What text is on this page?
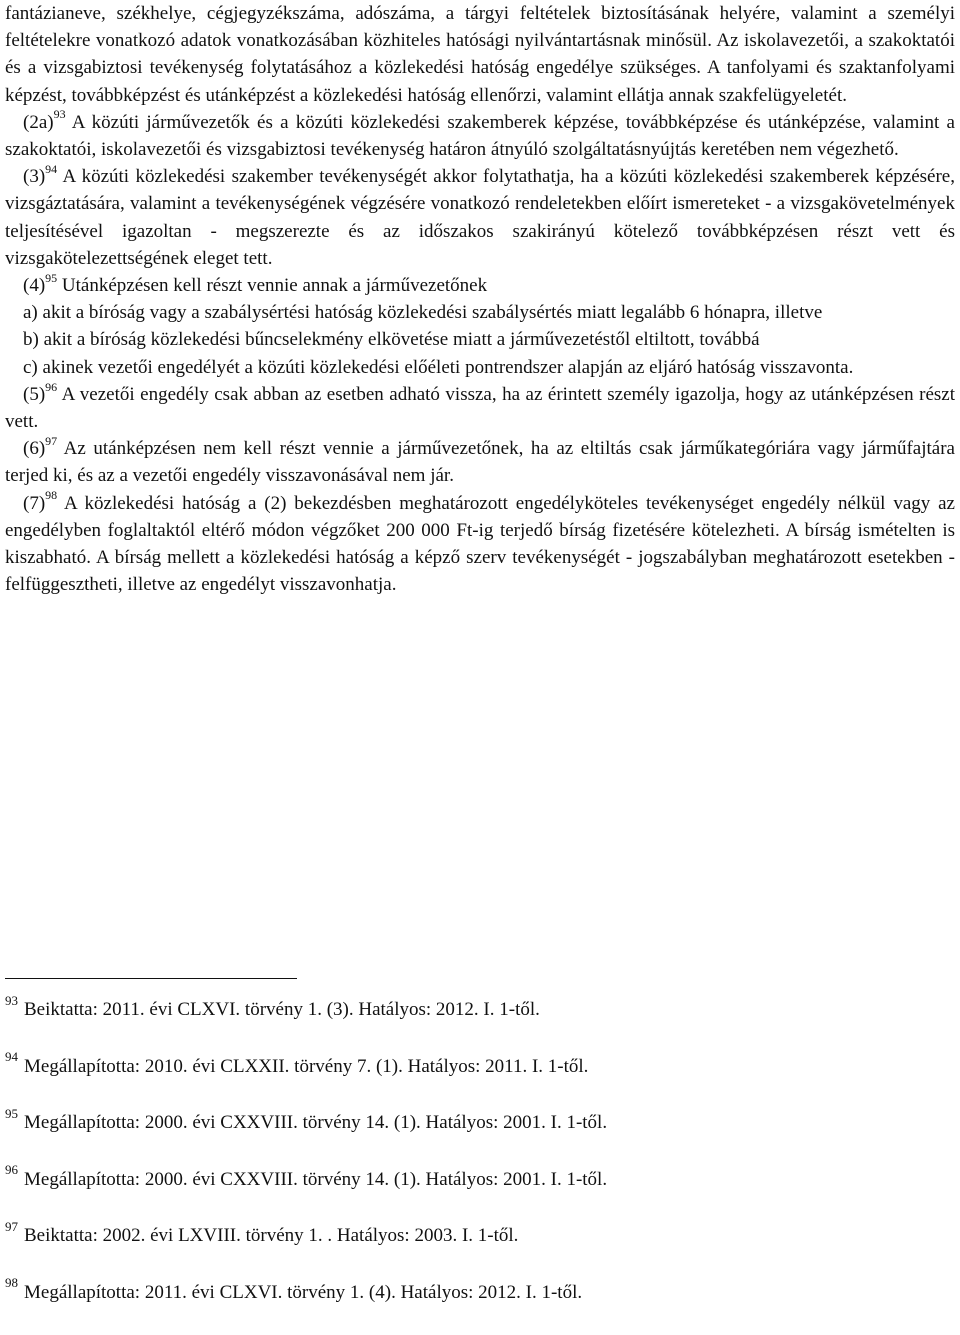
fantázianeve, székhelye, cégjegyzékszáma, adószáma, a tárgyi feltételek biztosításának helyére, valamint a személyi feltételekre vonatkozó adatok vonatkozásában közhiteles hatósági nyilvántartásnak minősül. Az iskolavezetői, a szakoktatói és a vizsgabiztosi tevékenység folytatásához a közlekedési hatóság engedélye szükséges. A tanfolyami és szaktanfolyami képzést, továbbképzést és utánképzést a közlekedési hatóság ellenőrzi, valamint ellátja annak szakfelügyeletét.

$(2a)^{93}$ A közúti járművezetők és a közúti közlekedési szakemberek képzése, továbbképzése és utánképzése, valamint a szakoktatói, iskolavezetői és vizsgabiztosi tevékenység határon átnyúló szolgáltatásnyújtás keretében nem végezhető.

$(3)^{94}$ A közúti közlekedési szakember tevékenységét akkor folytathatja, ha a közúti közlekedési szakemberek képzésére, vizsgáztatására, valamint a tevékenységének végzésére vonatkozó rendeletekben előírt ismereteket - a vizsgakövetelmények teljesítésével igazoltan - megszerezte és az időszakos szakirányú kötelező továbbképzésen részt vett és vizsgakötelezettségének eleget tett.

$(4)^{95}$ Utánképzésen kell részt vennie annak a járművezetőnek

a) akit a bíróság vagy a szabálysértési hatóság közlekedési szabálysértés miatt legalább 6 hónapra, illetve

b) akit a bíróság közlekedési bűncselekmény elkövetése miatt a járművezetéstől eltiltott, továbbá

c) akinek vezetői engedélyét a közúti közlekedési előéleti pontrendszer alapján az eljáró hatóság visszavonta.

$(5)^{96}$ A vezetői engedély csak abban az esetben adható vissza, ha az érintett személy igazolja, hogy az utánképzésen részt vett.

$(6)^{97}$ Az utánképzésen nem kell részt vennie a járművezetőnek, ha az eltiltás csak járműkategóriára vagy járműfajtára terjed ki, és az a vezetői engedély visszavonásával nem jár.

$(7)^{98}$ A közlekedési hatóság a (2) bekezdésben meghatározott engedélyköteles tevékenységet engedély nélkül vagy az engedélyben foglaltaktól eltérő módon végzőket 200 000 Ft-ig terjedő bírság fizetésére kötelezheti. A bírság ismételten is kiszabható. A bírság mellett a közlekedési hatóság a képző szerv tevékenységét - jogszabályban meghatározott esetekben - felfüggesztheti, illetve az engedélyt visszavonhatja.

$^{93}$ Beiktatta: 2011. évi CLXVI. törvény 1. (3). Hatályos: 2012. I. 1-től.

$^{94}$ Megállapította: 2010. évi CLXXII. törvény 7. (1). Hatályos: 2011. I. 1-től.

$^{95}$ Megállapította: 2000. évi CXXVIII. törvény 14. (1). Hatályos: 2001. I. 1-től.

$^{96}$ Megállapította: 2000. évi CXXVIII. törvény 14. (1). Hatályos: 2001. I. 1-től.

$^{97}$ Beiktatta: 2002. évi LXVIII. törvény 1. . Hatályos: 2003. I. 1-től.

$^{98}$ Megállapította: 2011. évi CLXVI. törvény 1. (4). Hatályos: 2012. I. 1-től.
